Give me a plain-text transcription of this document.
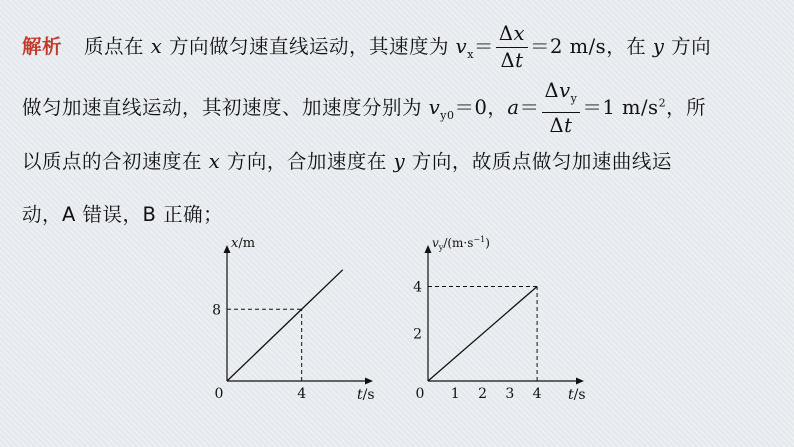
解析 质点在 x 方向做匀速直线运动，其速度为 $v_x= \frac{\Delta x}{\Delta t} =2$ m/s，在 y 方向
做匀加速直线运动，其初速度、加速度分别为 $v_{y0}=0$，$a= \frac{\Delta v_y}{\Delta t} =1$ $m/s^2$，所
以质点的合初速度在 x 方向，合加速度在 y 方向，故质点做匀加速曲线运
动，A 错误，B 正确；
0	4
8
t/s
x/m
0 1 2 3 4
2
4
t/s
$v_y/(m\cdot s^{-1})$
